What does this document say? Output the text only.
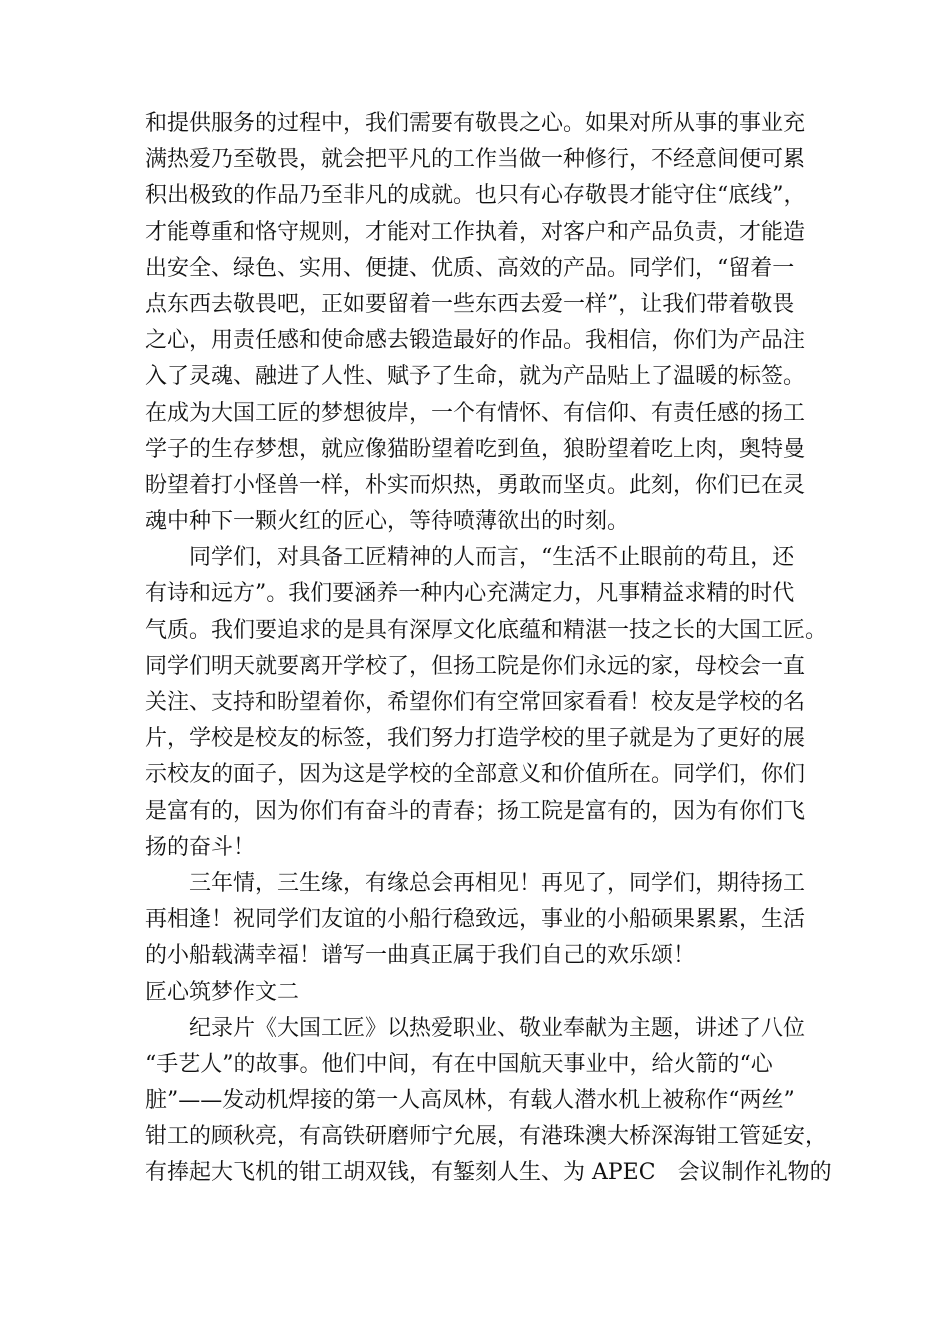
和提供服务的过程中，我们需要有敬畏之心。如果对所从事的事业充
满热爱乃至敬畏，就会把平凡的工作当做一种修行，不经意间便可累
积出极致的作品乃至非凡的成就。也只有心存敬畏才能守住“底线”，
才能尊重和恪守规则，才能对工作执着，对客户和产品负责，才能造
出安全、绿色、实用、便捷、优质、高效的产品。同学们，“留着一
点东西去敬畏吧，正如要留着一些东西去爱一样”，让我们带着敬畏
之心，用责任感和使命感去锻造最好的作品。我相信，你们为产品注
入了灵魂、融进了人性、赋予了生命，就为产品贴上了温暖的标签。
在成为大国工匠的梦想彼岸，一个有情怀、有信仰、有责任感的扬工
学子的生存梦想，就应像猫盼望着吃到鱼，狼盼望着吃上肉，奥特曼
盼望着打小怪兽一样，朴实而炽热，勇敢而坚贞。此刻，你们已在灵
魂中种下一颗火红的匠心，等待喷薄欲出的时刻。
　　同学们，对具备工匠精神的人而言，“生活不止眼前的苟且，还
有诗和远方”。我们要涵养一种内心充满定力，凡事精益求精的时代
气质。我们要追求的是具有深厚文化底蕴和精湛一技之长的大国工匠。
同学们明天就要离开学校了，但扬工院是你们永远的家，母校会一直
关注、支持和盼望着你，希望你们有空常回家看看！校友是学校的名
片，学校是校友的标签，我们努力打造学校的里子就是为了更好的展
示校友的面子，因为这是学校的全部意义和价值所在。同学们，你们
是富有的，因为你们有奋斗的青春；扬工院是富有的，因为有你们飞
扬的奋斗！
　　三年情，三生缘，有缘总会再相见！再见了，同学们，期待扬工
再相逢！祝同学们友谊的小船行稳致远，事业的小船硕果累累，生活
的小船载满幸福！谱写一曲真正属于我们自己的欢乐颂！
匠心筑梦作文二
　　纪录片《大国工匠》以热爱职业、敬业奉献为主题，讲述了八位
“手艺人”的故事。他们中间，有在中国航天事业中，给火箭的“心
脏”——发动机焊接的第一人高凤林，有载人潜水机上被称作“两丝”
钳工的顾秋亮，有高铁研磨师宁允展，有港珠澳大桥深海钳工管延安，
有捧起大飞机的钳工胡双钱，有錾刻人生、为 APEC　会议制作礼物的
